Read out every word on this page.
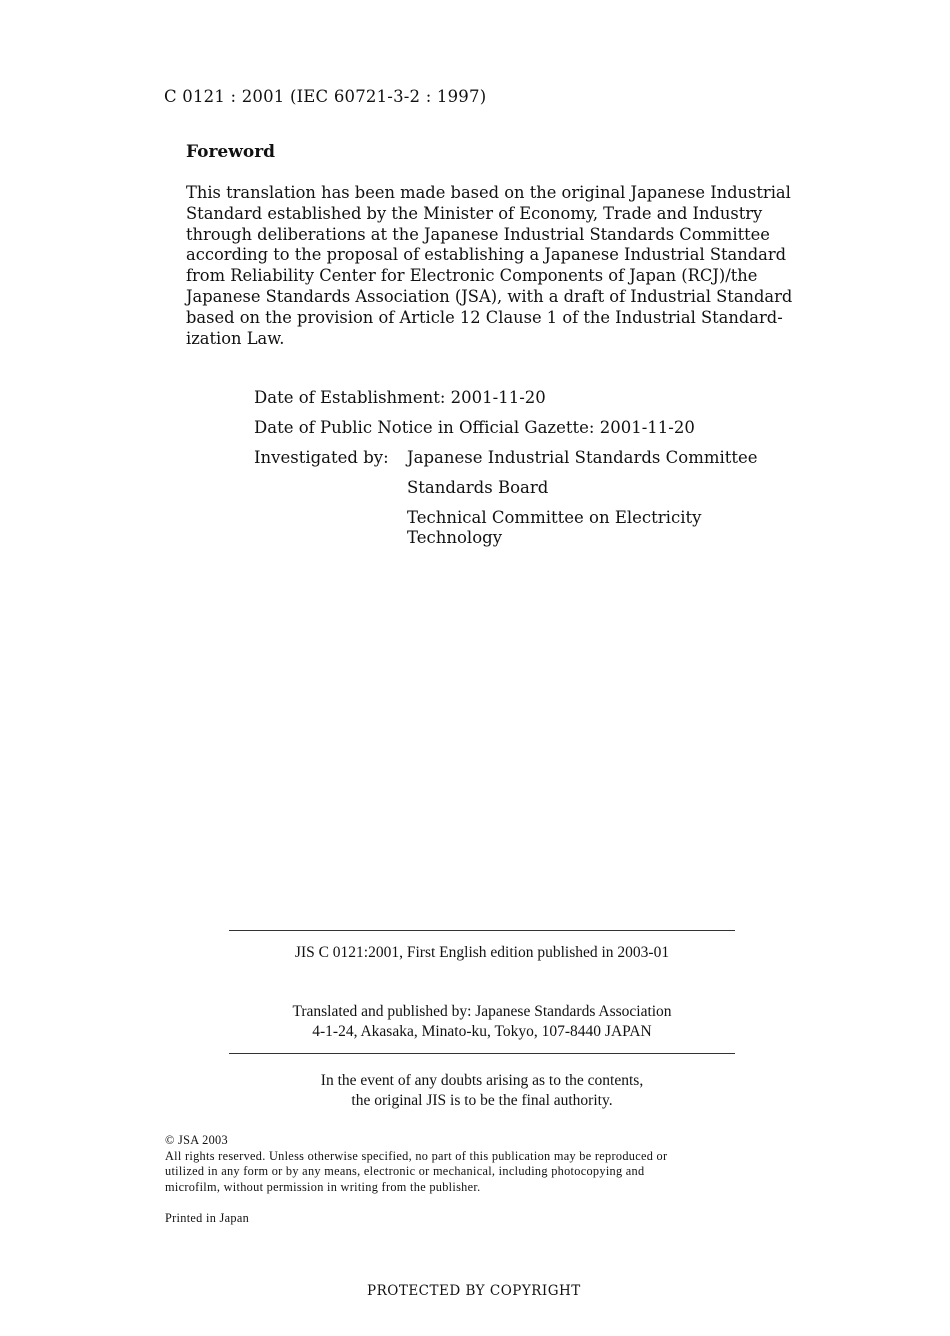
C 0121 : 2001 (IEC 60721-3-2 : 1997)
Foreword
This translation has been made based on the original Japanese Industrial
Standard established by the Minister of Economy, Trade and Industry
through deliberations at the Japanese Industrial Standards Committee
according to the proposal of establishing a Japanese Industrial Standard
from Reliability Center for Electronic Components of Japan (RCJ)/the
Japanese Standards Association (JSA), with a draft of Industrial Standard
based on the provision of Article 12 Clause 1 of the Industrial Standard-
ization Law.
Date of Establishment: 2001-11-20
Date of Public Notice in Official Gazette: 2001-11-20
Investigated by: Japanese Industrial Standards Committee
Standards Board
Technical Committee on Electricity
Technology
JIS C 0121:2001, First English edition published in 2003-01
Translated and published by: Japanese Standards Association
4-1-24, Akasaka, Minato-ku, Tokyo, 107-8440 JAPAN
In the event of any doubts arising as to the contents,
the original JIS is to be the final authority.
© JSA 2003
All rights reserved. Unless otherwise specified, no part of this publication may be reproduced or
utilized in any form or by any means, electronic or mechanical, including photocopying and
microfilm, without permission in writing from the publisher.
Printed in Japan
PROTECTED BY COPYRIGHT
